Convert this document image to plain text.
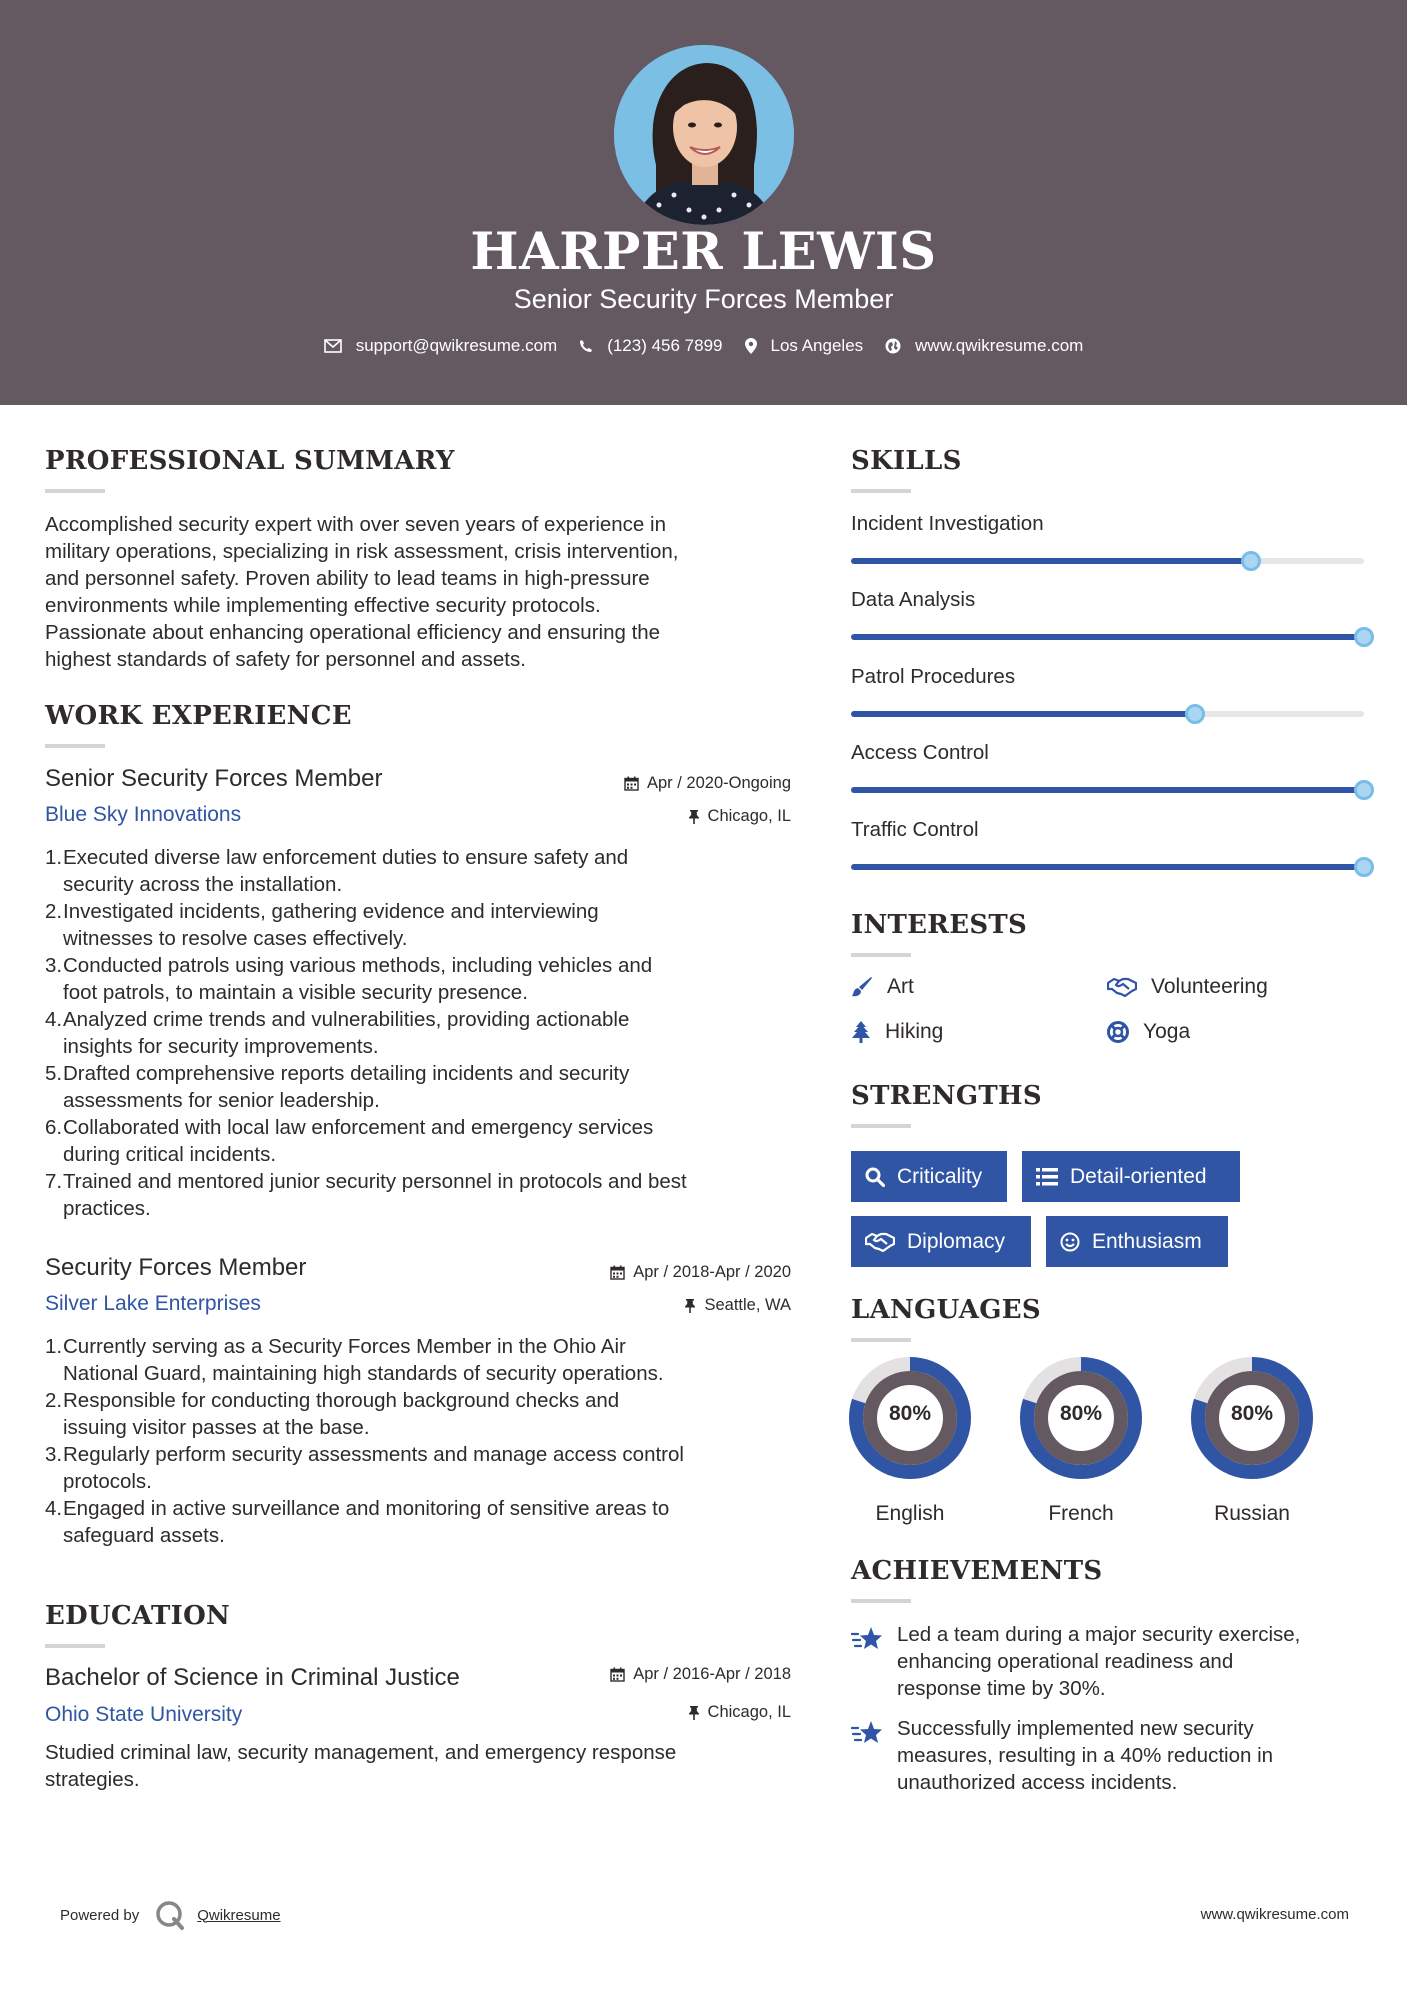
HARPER LEWIS
Senior Security Forces Member
support@qwikresume.com	(123) 456 7899	Los Angeles	www.qwikresume.com
PROFESSIONAL SUMMARY
Accomplished security expert with over seven years of experience in
military operations, specializing in risk assessment, crisis intervention,
and personnel safety. Proven ability to lead teams in high-pressure
environments while implementing effective security protocols.
Passionate about enhancing operational efficiency and ensuring the
highest standards of safety for personnel and assets.
WORK EXPERIENCE
Senior Security Forces Member	Apr / 2020-Ongoing
Blue Sky Innovations	Chicago, IL
1. Executed diverse law enforcement duties to ensure safety and
security across the installation.
2. Investigated incidents, gathering evidence and interviewing
witnesses to resolve cases effectively.
3. Conducted patrols using various methods, including vehicles and
foot patrols, to maintain a visible security presence.
4. Analyzed crime trends and vulnerabilities, providing actionable
insights for security improvements.
5. Drafted comprehensive reports detailing incidents and security
assessments for senior leadership.
6. Collaborated with local law enforcement and emergency services
during critical incidents.
7. Trained and mentored junior security personnel in protocols and best
practices.
Security Forces Member	Apr / 2018-Apr / 2020
Silver Lake Enterprises	Seattle, WA
1. Currently serving as a Security Forces Member in the Ohio Air
National Guard, maintaining high standards of security operations.
2. Responsible for conducting thorough background checks and
issuing visitor passes at the base.
3. Regularly perform security assessments and manage access control
protocols.
4. Engaged in active surveillance and monitoring of sensitive areas to
safeguard assets.
EDUCATION
Bachelor of Science in Criminal Justice	Apr / 2016-Apr / 2018
Ohio State University	Chicago, IL
Studied criminal law, security management, and emergency response
strategies.
SKILLS
Incident Investigation
Data Analysis
Patrol Procedures
Access Control
Traffic Control
INTERESTS
Art	Volunteering
Hiking	Yoga
STRENGTHS
Criticality	Detail-oriented
Diplomacy	Enthusiasm
LANGUAGES
80%
English
80%
French
80%
Russian
ACHIEVEMENTS
Led a team during a major security exercise,
enhancing operational readiness and
response time by 30%.
Successfully implemented new security
measures, resulting in a 40% reduction in
unauthorized access incidents.
Powered by	Qwikresume	www.qwikresume.com
